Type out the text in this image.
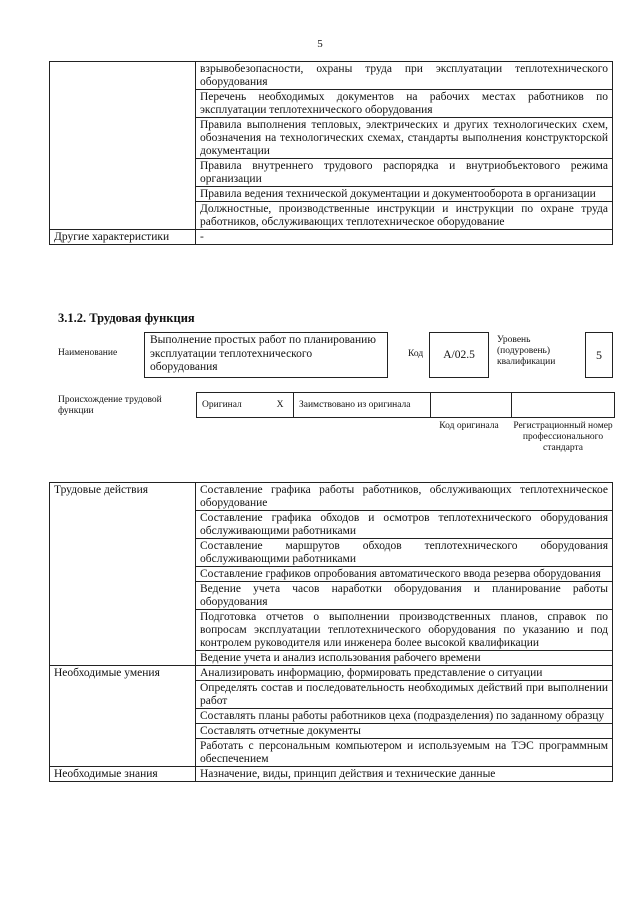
5
	взрывобезопасности, охраны труда при эксплуатации теплотехнического оборудования
	Перечень необходимых документов на рабочих местах работников по эксплуатации теплотехнического оборудования
	Правила выполнения тепловых, электрических и других технологических схем, обозначения на технологических схемах, стандарты выполнения конструкторской документации
	Правила внутреннего трудового распорядка и внутриобъектового режима организации
	Правила ведения технической документации и документооборота в организации
	Должностные, производственные инструкции и инструкции по охране труда работников, обслуживающих теплотехническое оборудование
Другие характеристики	-
3.1.2. Трудовая функция
Наименование
Выполнение простых работ по планированию эксплуатации теплотехнического оборудования
Код	A/02.5
Уровень (подуровень) квалификации	5
Происхождение трудовой функции
Оригинал	X	Заимствовано из оригинала		
Код оригинала	Регистрационный номер профессионального стандарта
Трудовые действия	Составление графика работы работников, обслуживающих теплотехническое оборудование
	Составление графика обходов и осмотров теплотехнического оборудования обслуживающими работниками
	Составление маршрутов обходов теплотехнического оборудования обслуживающими работниками
	Составление графиков опробования автоматического ввода резерва оборудования
	Ведение учета часов наработки оборудования и планирование работы оборудования
	Подготовка отчетов о выполнении производственных планов, справок по вопросам эксплуатации теплотехнического оборудования по указанию и под контролем руководителя или инженера более высокой квалификации
	Ведение учета и анализ использования рабочего времени
Необходимые умения	Анализировать информацию, формировать представление о ситуации
	Определять состав и последовательность необходимых действий при выполнении работ
	Составлять планы работы работников цеха (подразделения) по заданному образцу
	Составлять отчетные документы
	Работать с персональным компьютером и используемым на ТЭС программным обеспечением
Необходимые знания	Назначение, виды, принцип действия и технические данные
